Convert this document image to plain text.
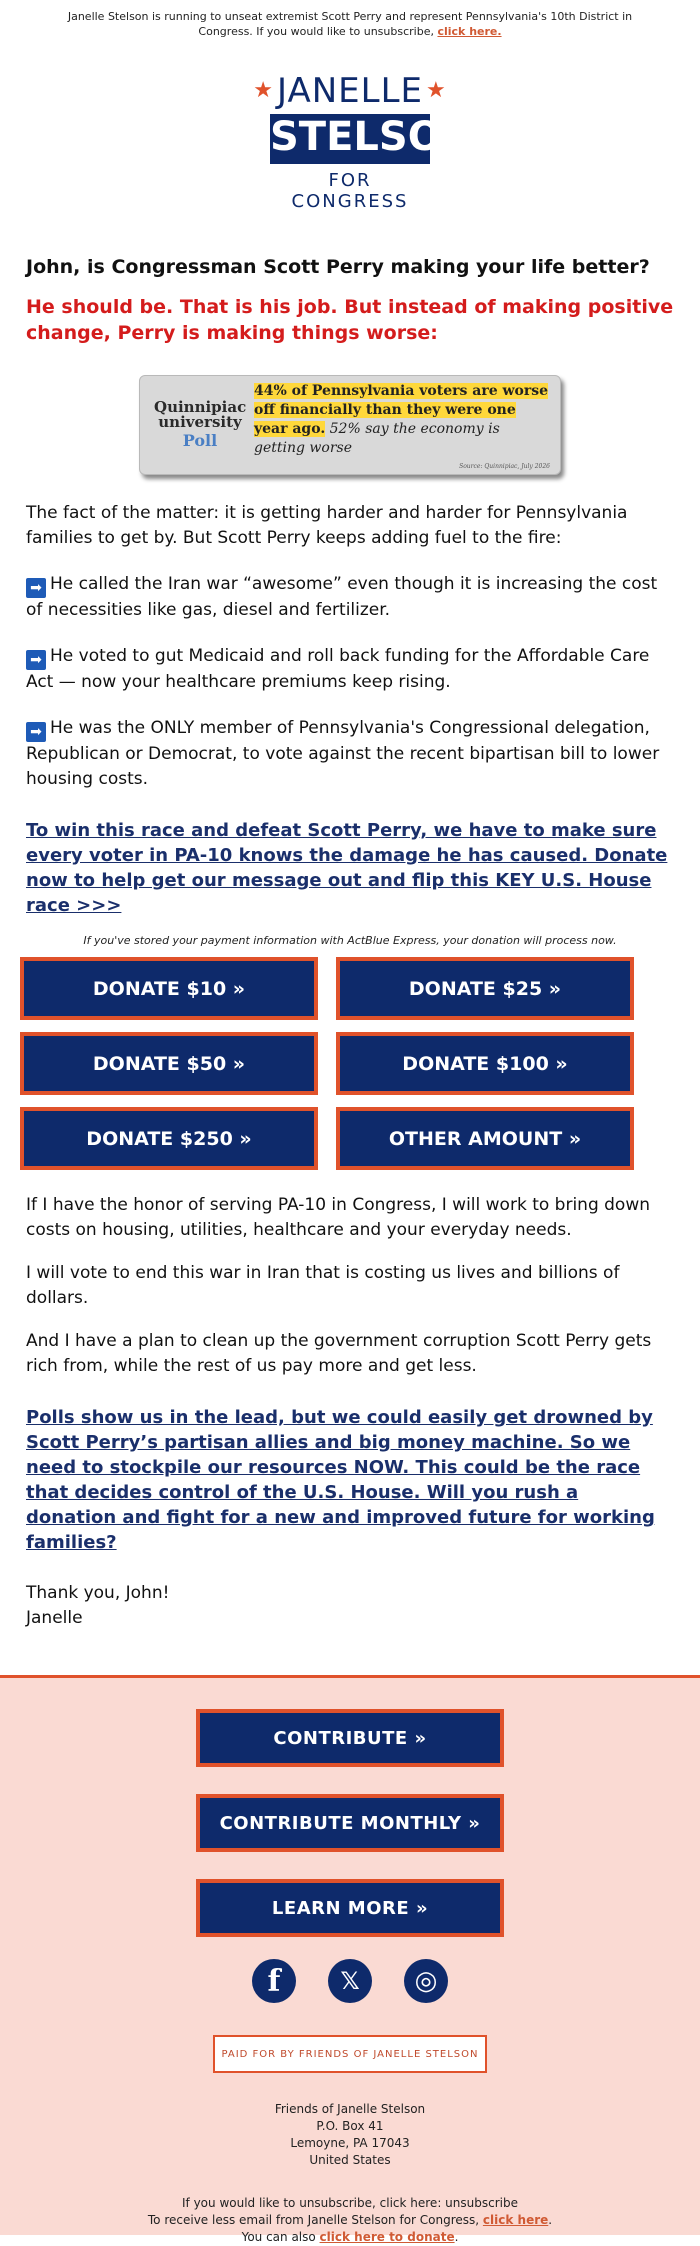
Janelle Stelson is running to unseat extremist Scott Perry and represent Pennsylvania's 10th District in Congress. If you would like to unsubscribe, click here.
★ JANELLE ★
STELSON
FOR CONGRESS
John, is Congressman Scott Perry making your life better?
He should be. That is his job. But instead of making positive change, Perry is making things worse:
Quinnipiac
university
Poll
44% of Pennsylvania voters are worse off financially than they were one year ago. 52% say the economy is getting worse
Source: Quinnipiac, July 2026
The fact of the matter: it is getting harder and harder for Pennsylvania families to get by. But Scott Perry keeps adding fuel to the fire:
➡ He called the Iran war “awesome” even though it is increasing the cost of necessities like gas, diesel and fertilizer.
➡ He voted to gut Medicaid and roll back funding for the Affordable Care Act — now your healthcare premiums keep rising.
➡ He was the ONLY member of Pennsylvania's Congressional delegation, Republican or Democrat, to vote against the recent bipartisan bill to lower housing costs.
To win this race and defeat Scott Perry, we have to make sure every voter in PA-10 knows the damage he has caused. Donate now to help get our message out and flip this KEY U.S. House race >>>
If you've stored your payment information with ActBlue Express, your donation will process now.
DONATE $10 »	DONATE $25 »
DONATE $50 »	DONATE $100 »
DONATE $250 »	OTHER AMOUNT »
If I have the honor of serving PA-10 in Congress, I will work to bring down costs on housing, utilities, healthcare and your everyday needs.
I will vote to end this war in Iran that is costing us lives and billions of dollars.
And I have a plan to clean up the government corruption Scott Perry gets rich from, while the rest of us pay more and get less.
Polls show us in the lead, but we could easily get drowned by Scott Perry’s partisan allies and big money machine. So we need to stockpile our resources NOW. This could be the race that decides control of the U.S. House. Will you rush a donation and fight for a new and improved future for working families?
Thank you, John!
Janelle
CONTRIBUTE »
CONTRIBUTE MONTHLY »
LEARN MORE »
f	𝕏	◎
PAID FOR BY FRIENDS OF JANELLE STELSON
Friends of Janelle Stelson
P.O. Box 41
Lemoyne, PA 17043
United States
If you would like to unsubscribe, click here: unsubscribe
To receive less email from Janelle Stelson for Congress, click here.
You can also click here to donate.
